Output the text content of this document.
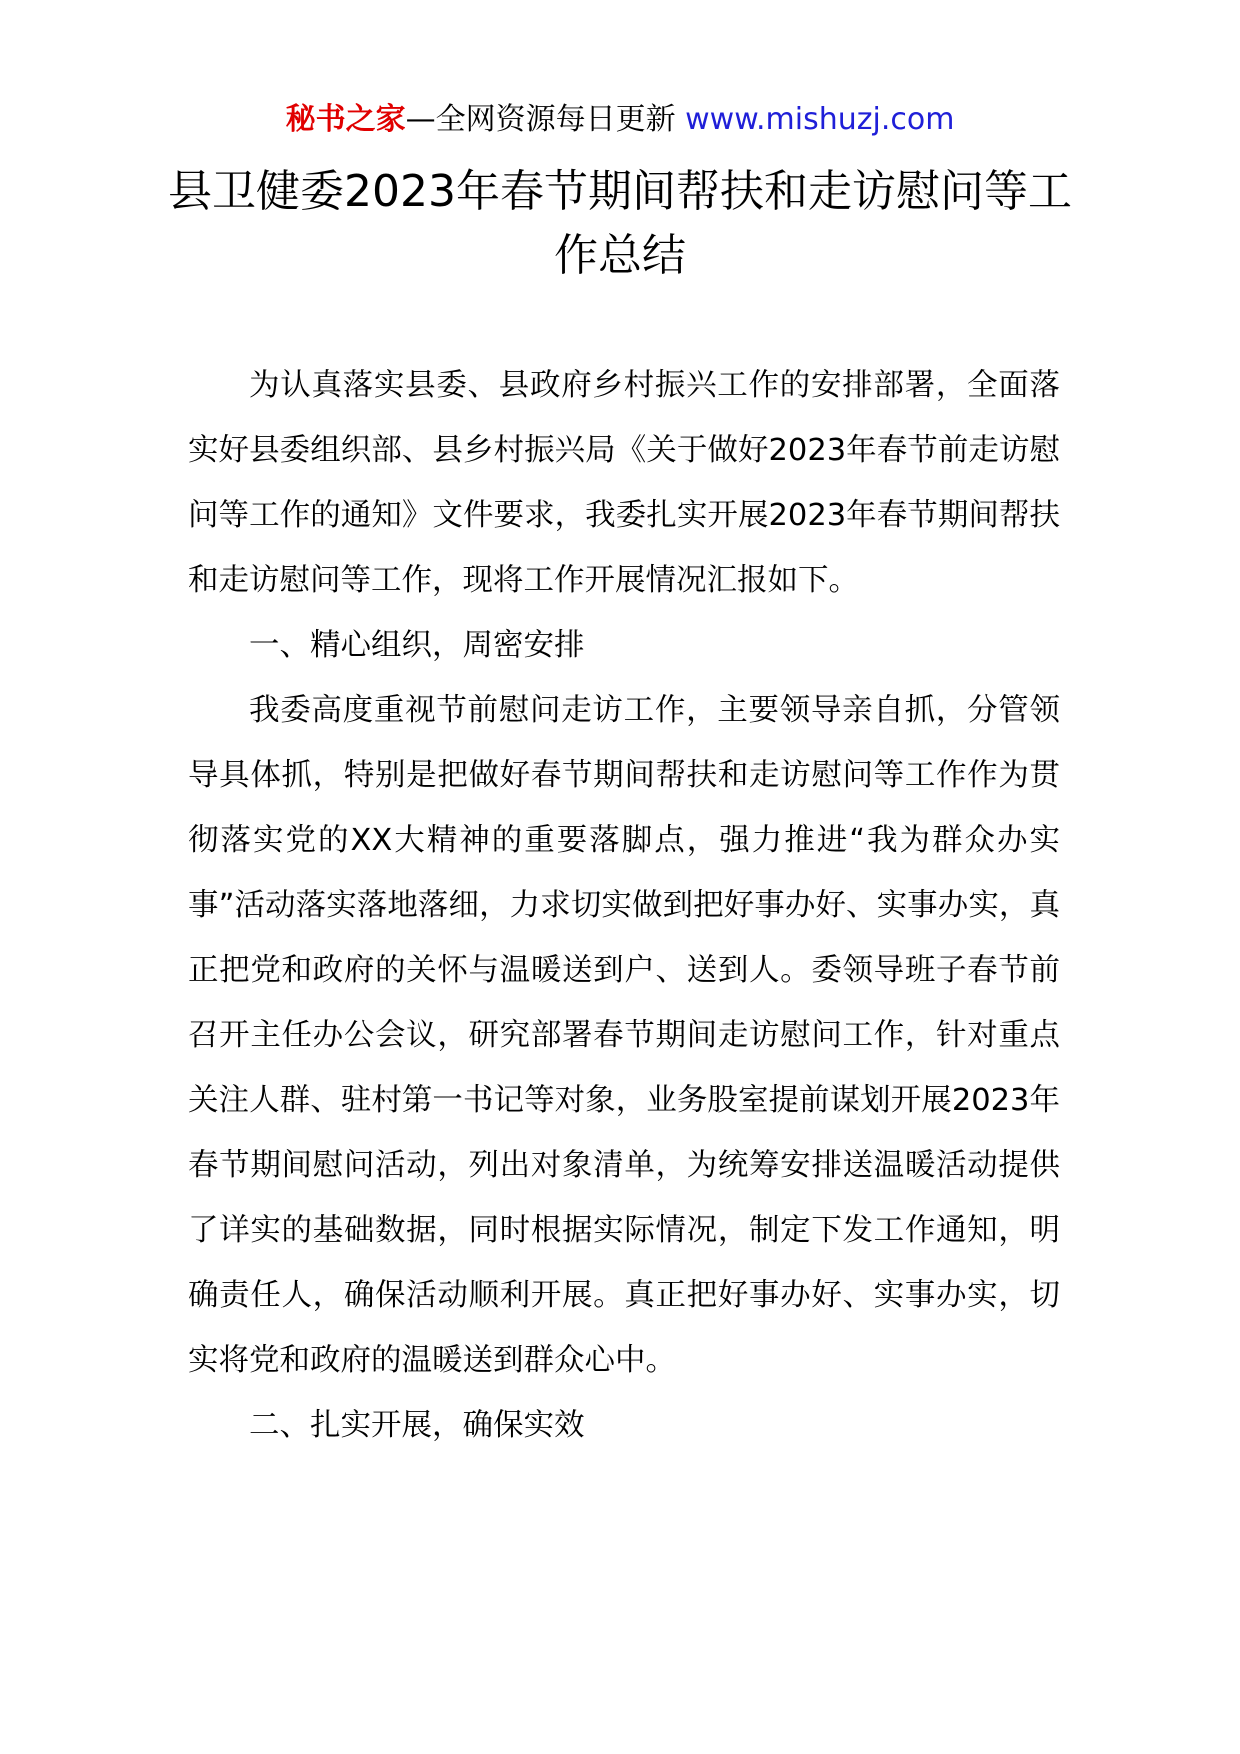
秘书之家—全网资源每日更新 www.mishuzj.com
县卫健委2023年春节期间帮扶和走访慰问等工作总结

为认真落实县委、县政府乡村振兴工作的安排部署，全面落实好县委组织部、县乡村振兴局《关于做好2023年春节前走访慰问等工作的通知》文件要求，我委扎实开展2023年春节期间帮扶和走访慰问等工作，现将工作开展情况汇报如下。

一、精心组织，周密安排

我委高度重视节前慰问走访工作，主要领导亲自抓，分管领导具体抓，特别是把做好春节期间帮扶和走访慰问等工作作为贯彻落实党的XX大精神的重要落脚点，强力推进“我为群众办实事”活动落实落地落细，力求切实做到把好事办好、实事办实，真正把党和政府的关怀与温暖送到户、送到人。委领导班子春节前召开主任办公会议，研究部署春节期间走访慰问工作，针对重点关注人群、驻村第一书记等对象，业务股室提前谋划开展2023年春节期间慰问活动，列出对象清单，为统筹安排送温暖活动提供了详实的基础数据，同时根据实际情况，制定下发工作通知，明确责任人，确保活动顺利开展。真正把好事办好、实事办实，切实将党和政府的温暖送到群众心中。

二、扎实开展，确保实效
